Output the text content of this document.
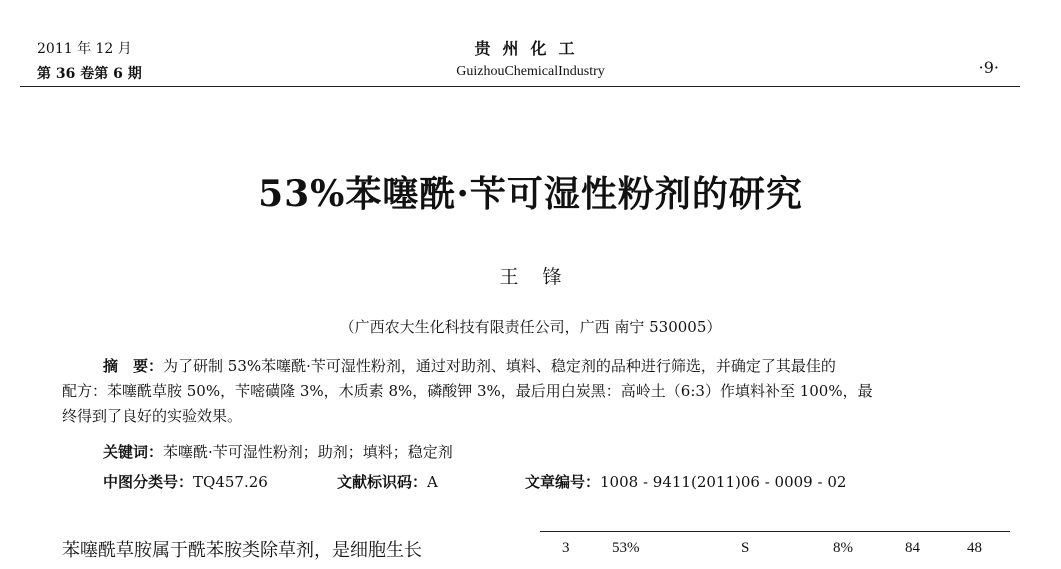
2011 年 12 月
第 36 卷第 6 期
贵州化工
GuizhouChemicalIndustry	·9·
53%苯噻酰·苄可湿性粉剂的研究
王锋
（广西农大生化科技有限责任公司，广西 南宁 530005）
摘　要：为了研制 53%苯噻酰·苄可湿性粉剂，通过对助剂、填料、稳定剂的品种进行筛选，并确定了其最佳的
配方：苯噻酰草胺 50%，苄嘧磺隆 3%，木质素 8%，磷酸钾 3%，最后用白炭黑：高岭土（6:3）作填料补至 100%，最
终得到了良好的实验效果。
关键词：苯噻酰·苄可湿性粉剂；助剂；填料；稳定剂
中图分类号：TQ457.26	文献标识码：A	文章编号：1008 - 9411(2011)06 - 0009 - 02
苯噻酰草胺属于酰苯胺类除草剂，是细胞生长	3	53%	S	8%	84	48
